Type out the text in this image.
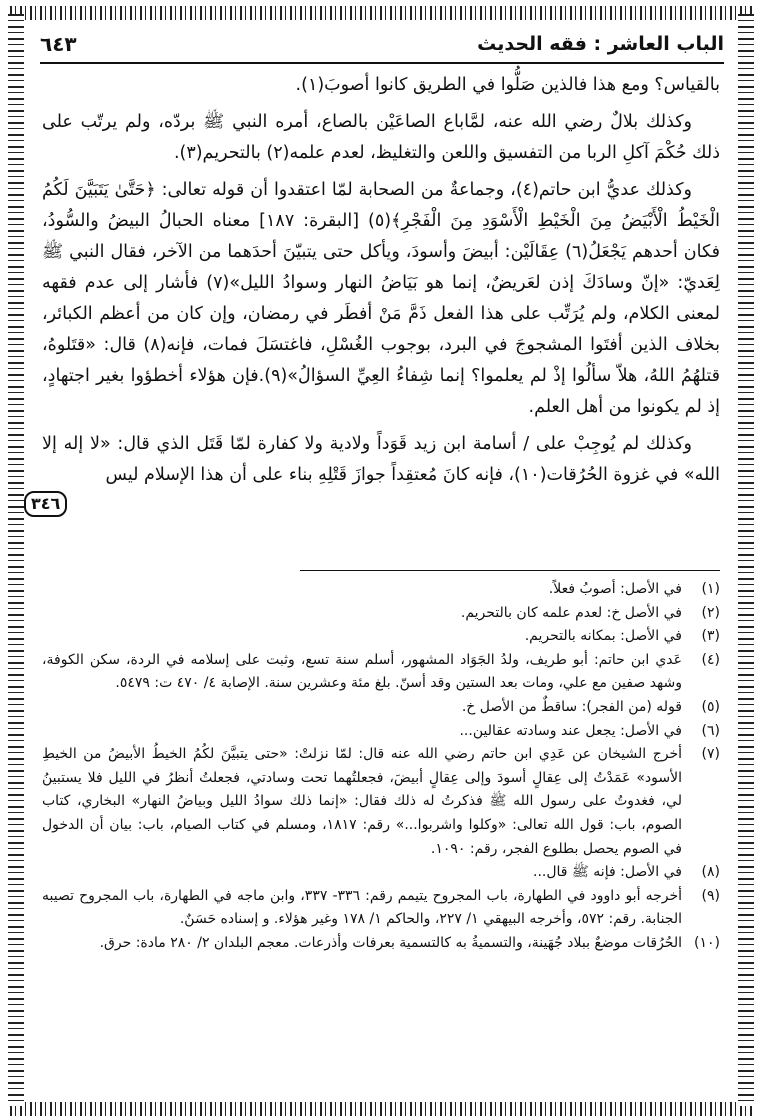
الباب العاشر : فقه الحديث
٦٤٣

بالقياس؟ ومع هذا فالذين صَلُّوا في الطريق كانوا أصوبَ(١).

وكذلك بلالٌ رضي الله عنه، لمَّاباع الصاعَيْن بالصاع، أمره النبي ﷺ بردّه، ولم يرتّب على ذلك حُكْمَ آكلِ الربا من التفسيق واللعن والتغليظ، لعدم علمه(٢) بالتحريم(٣).

وكذلك عديُّ ابن حاتم(٤)، وجماعةٌ من الصحابة لمّا اعتقدوا أن قوله تعالى: ﴿حَتَّىٰ يَتَبَيَّنَ لَكُمُ الْخَيْطُ الْأَبْيَضُ مِنَ الْخَيْطِ الْأَسْوَدِ مِنَ الْفَجْرِ﴾(٥) [البقرة: ١٨٧] معناه الحبالُ البيضُ والسُّودُ، فكان أحدهم يَجْعَلُ(٦) عِقَالَيْن: أبيضَ وأسودَ، ويأكل حتى يتبيّنَ أحدَهما من الآخر، فقال النبي ﷺ لِعَديّ: «إنّ وسادَكَ إذن لعَريضٌ، إنما هو بَيَاضُ النهار وسوادُ الليل»(٧) فأشار إلى عدم فقهه لمعنى الكلام، ولم يُرَتِّب على هذا الفعل ذَمَّ مَنْ أفطَر في رمضان، وإن كان من أعظم الكبائر، بخلاف الذين أفتَوا المشجوجَ في البرد، بوجوب الغُسْلِ، فاغتسَلَ فمات، فإنه(٨) قال: «قتَلوهُ، قتلهُمُ اللهُ، هلاّ سألُوا إذْ لم يعلموا؟ إنما شِفاءُ العِيِّ السؤالُ»(٩).فإن هؤلاء أخطؤوا بغير اجتهادٍ، إذ لم يكونوا من أهل العلم.

وكذلك لم يُوجِبْ على / أسامة ابن زيد قَوَداً ولادية ولا كفارة لمّا قَتَل الذي قال: «لا إله إلا الله» في غزوة الحُرُقات(١٠)، فإنه كانَ مُعتقِداً جوازَ قَتْلِهِ بناء على أن هذا الإسلام ليس

٣٤٦
(١)
في الأصل: أصوبُ فعلاً.
(٢)
في الأصل خ: لعدم علمه كان بالتحريم.
(٣)
في الأصل: بمكانه بالتحريم.
(٤)
عَدي ابن حاتم: أبو طريف، ولدُ الجَوَاد المشهور، أسلم سنة تسع، وثبت على إسلامه في الردة، سكن الكوفة، وشهد صفين مع علي، ومات بعد الستين وقد أسنّ. بلغ مئة وعشرين سنة. الإصابة ٤/ ٤٧٠ ت: ٥٤٧٩.
(٥)
قوله (من الفجر): ساقطٌ من الأصل خ.
(٦)
في الأصل: يجعل عند وسادته عقالين...
(٧)
أخرج الشيخان عن عَدِي ابن حاتم رضي الله عنه قال: لمّا نزلتْ: «حتى يتبيَّنَ لكُمُ الخيطُ الأبيضُ من الخيطِ الأسود» عَمَدْتُ إلى عِقالٍ أسودَ وإلى عِقالٍ أبيضَ، فجعلتُهما تحت وسادتي، فجعلتُ أنظرُ في الليل فلا يستبينُ لي، فغدوتُ على رسول الله ﷺ فذكرتُ له ذلك فقال: «إنما ذلك سوادُ الليل وبياضُ النهار» البخاري، كتاب الصوم، باب: قول الله تعالى: «وكلوا واشربوا...» رقم: ١٨١٧، ومسلم في كتاب الصيام، باب: بيان أن الدخول في الصوم يحصل بطلوع الفجر، رقم: ١٠٩٠.
(٨)
في الأصل: فإنه ﷺ قال...
(٩)
أخرجه أبو داوود في الطهارة، باب المجروح يتيمم رقم: ٣٣٦- ٣٣٧، وابن ماجه في الطهارة، باب المجروح تصيبه الجنابة. رقم: ٥٧٢، وأخرجه البيهقي ١/ ٢٢٧، والحاكم ١/ ١٧٨ وغير هؤلاء. و إسناده حَسَنٌ.
(١٠)
الحُرُقات موضعٌ ببلاد جُهَينة، والتسميةُ به كالتسمية بعرفات وأذرعات. معجم البلدان ٢/ ٢٨٠ مادة: حرق.
